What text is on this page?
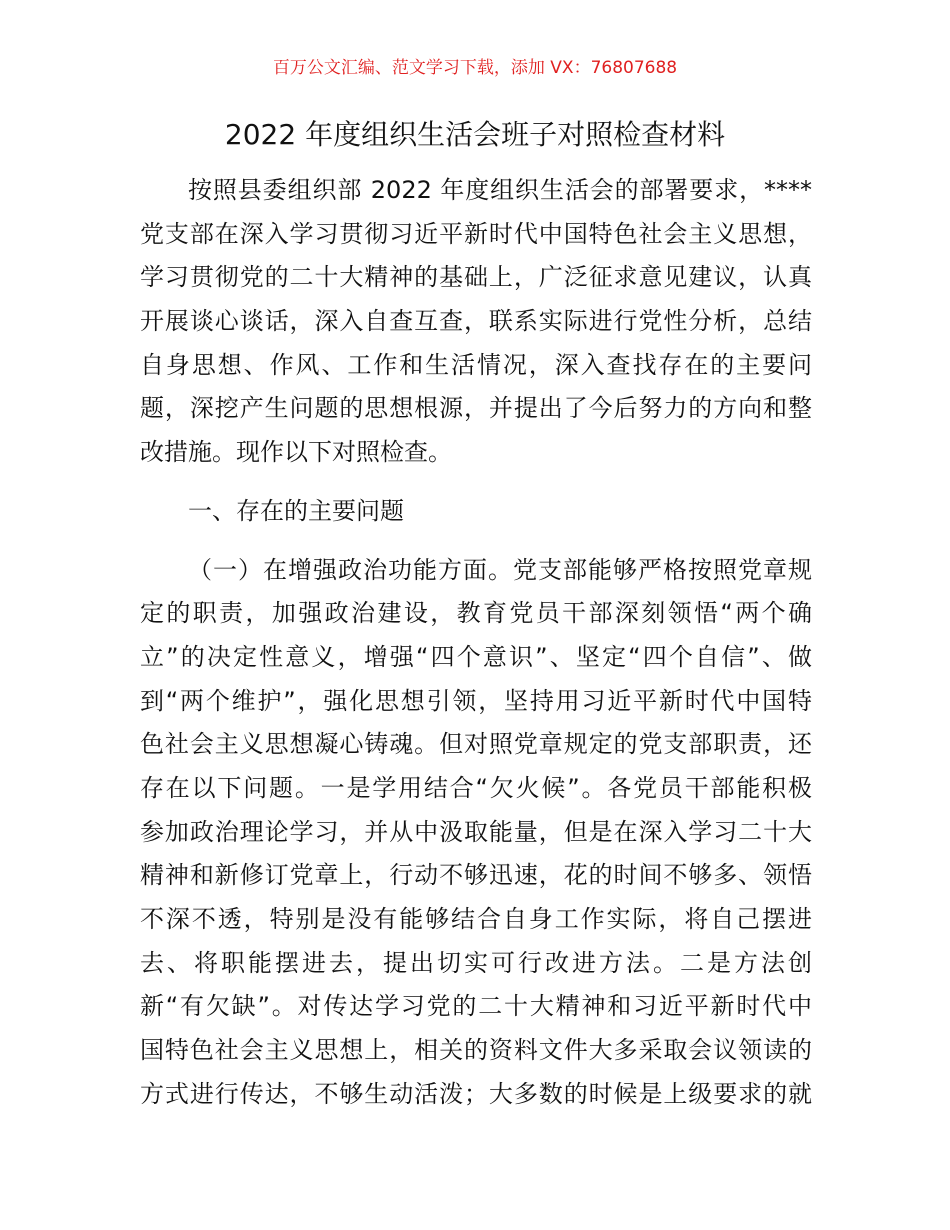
百万公文汇编、范文学习下载，添加 VX：76807688
2022 年度组织生活会班子对照检查材料
按照县委组织部 2022 年度组织生活会的部署要求，****
党支部在深入学习贯彻习近平新时代中国特色社会主义思想，
学习贯彻党的二十大精神的基础上，广泛征求意见建议，认真
开展谈心谈话，深入自查互查，联系实际进行党性分析，总结
自身思想、作风、工作和生活情况，深入查找存在的主要问
题，深挖产生问题的思想根源，并提出了今后努力的方向和整
改措施。现作以下对照检查。
一、存在的主要问题
（一）在增强政治功能方面。党支部能够严格按照党章规
定的职责，加强政治建设，教育党员干部深刻领悟“两个确
立”的决定性意义，增强“四个意识”、坚定“四个自信”、做
到“两个维护”，强化思想引领，坚持用习近平新时代中国特
色社会主义思想凝心铸魂。但对照党章规定的党支部职责，还
存在以下问题。一是学用结合“欠火候”。各党员干部能积极
参加政治理论学习，并从中汲取能量，但是在深入学习二十大
精神和新修订党章上，行动不够迅速，花的时间不够多、领悟
不深不透，特别是没有能够结合自身工作实际，将自己摆进
去、将职能摆进去，提出切实可行改进方法。二是方法创
新“有欠缺”。对传达学习党的二十大精神和习近平新时代中
国特色社会主义思想上，相关的资料文件大多采取会议领读的
方式进行传达，不够生动活泼；大多数的时候是上级要求的就
